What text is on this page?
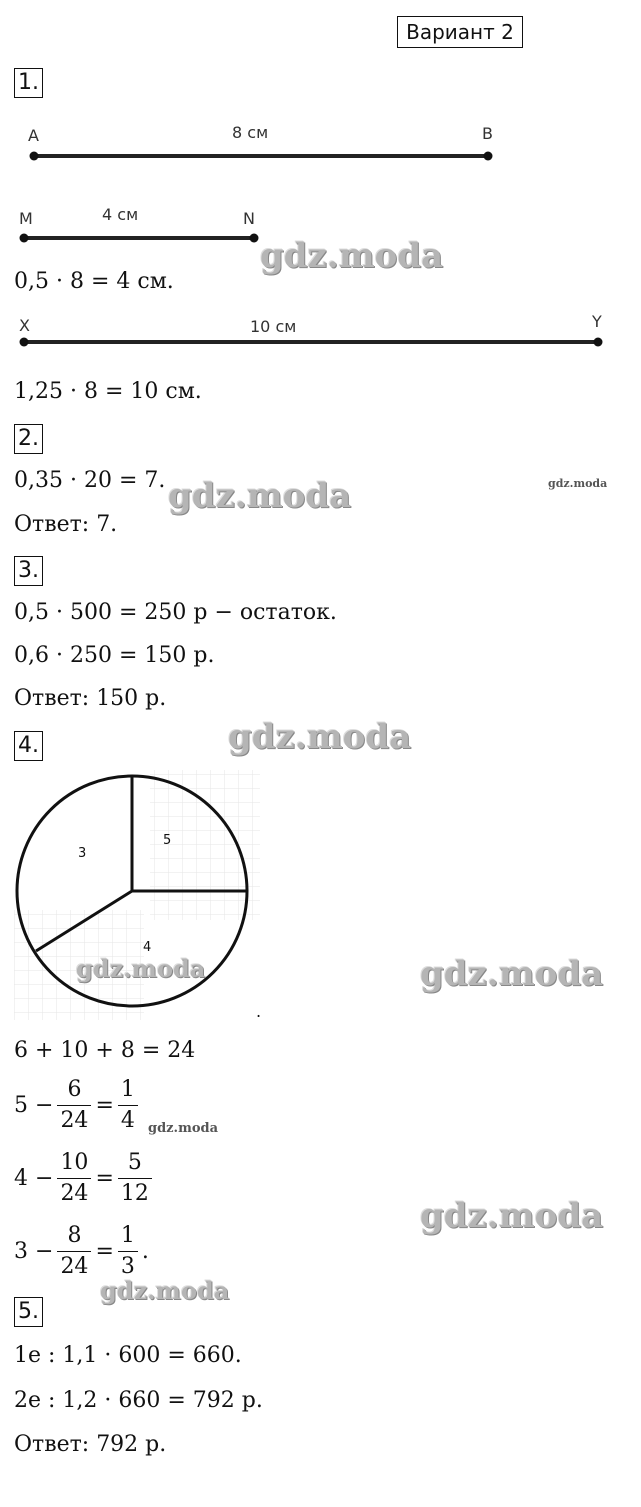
Вариант 2
1.
A	8 см	B
M	4 см	N
0,5 · 8 = 4 см.
X	10 см	Y
1,25 · 8 = 10 см.
2.
0,35 · 20 = 7.
Ответ: 7.
3.
0,5 · 500 = 250 р − остаток.
0,6 · 250 = 150 р.
Ответ: 150 р.
4.
3
5
4
.
6 + 10 + 8 = 24
$5 - \frac{6}{24} = \frac{1}{4}$
$4 - \frac{10}{24} = \frac{5}{12}$
$3 - \frac{8}{24} = \frac{1}{3}$ .
5.
1е : 1,1 · 600 = 660.
2е : 1,2 · 660 = 792 р.
Ответ: 792 р.
gdz.moda
gdz.moda	gdz.moda
gdz.moda
gdz.moda	gdz.moda
gdz.moda
gdz.moda
gdz.moda
